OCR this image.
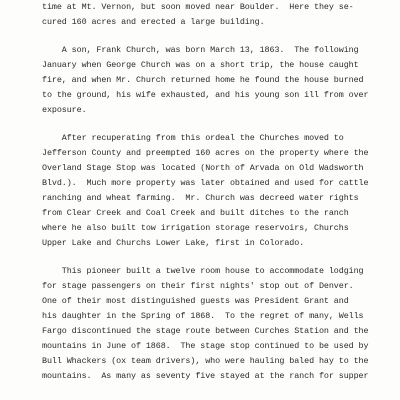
time at Mt. Vernon, but soon moved near Boulder.  Here they se-

cured 160 acres and erected a large building.

A son, Frank Church, was born March 13, 1863.  The following

January when George Church was on a short trip, the house caught

fire, and when Mr. Church returned home he found the house burned

to the ground, his wife exhausted, and his young son ill from over

exposure.

After recuperating from this ordeal the Churches moved to

Jefferson County and preempted 160 acres on the property where the

Overland Stage Stop was located (North of Arvada on Old Wadsworth

Blvd.).  Much more property was later obtained and used for cattle

ranching and wheat farming.  Mr. Church was decreed water rights

from Clear Creek and Coal Creek and built ditches to the ranch

where he also built tow irrigation storage reservoirs, Churchs

Upper Lake and Churchs Lower Lake, first in Colorado.

This pioneer built a twelve room house to accommodate lodging

for stage passengers on their first nights' stop out of Denver.

One of their most distinguished guests was President Grant and

his daughter in the Spring of 1868.  To the regret of many, Wells

Fargo discontinued the stage route between Curches Station and the

mountains in June of 1868.  The stage stop continued to be used by

Bull Whackers (ox team drivers), who were hauling baled hay to the

mountains.  As many as seventy five stayed at the ranch for supper
